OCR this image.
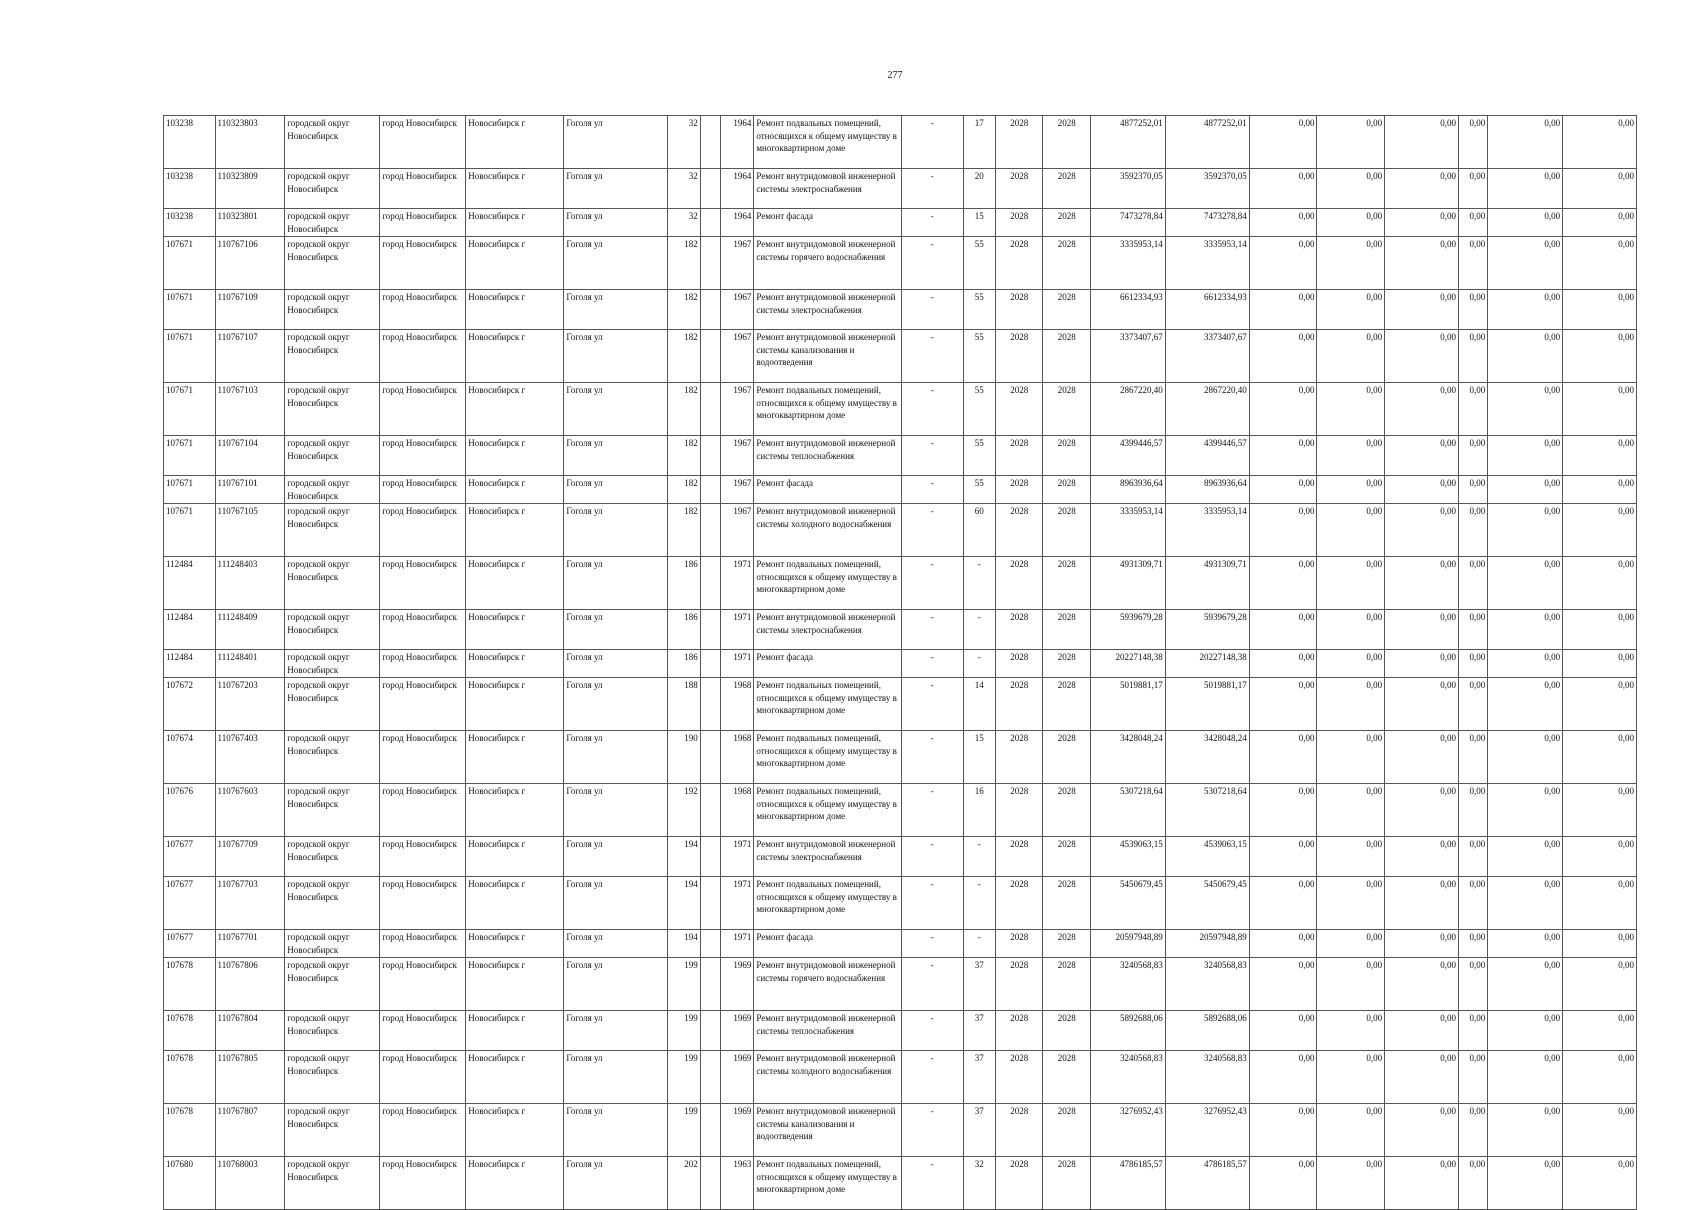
277
103238	110323803	городской округ Новосибирск	город Новосибирск	Новосибирск г	Гоголя ул	32		1964	Ремонт подвальных помещений, относящихся к общему имуществу в многоквартирном доме	-	17	2028	2028	4877252,01	4877252,01	0,00	0,00	0,00	0,00	0,00	0,00
103238	110323809	городской округ Новосибирск	город Новосибирск	Новосибирск г	Гоголя ул	32		1964	Ремонт внутридомовой инженерной системы электроснабжения	-	20	2028	2028	3592370,05	3592370,05	0,00	0,00	0,00	0,00	0,00	0,00
103238	110323801	городской округ Новосибирск	город Новосибирск	Новосибирск г	Гоголя ул	32		1964	Ремонт фасада	-	15	2028	2028	7473278,84	7473278,84	0,00	0,00	0,00	0,00	0,00	0,00
107671	110767106	городской округ Новосибирск	город Новосибирск	Новосибирск г	Гоголя ул	182		1967	Ремонт внутридомовой инженерной системы горячего водоснабжения	-	55	2028	2028	3335953,14	3335953,14	0,00	0,00	0,00	0,00	0,00	0,00
107671	110767109	городской округ Новосибирск	город Новосибирск	Новосибирск г	Гоголя ул	182		1967	Ремонт внутридомовой инженерной системы электроснабжения	-	55	2028	2028	6612334,93	6612334,93	0,00	0,00	0,00	0,00	0,00	0,00
107671	110767107	городской округ Новосибирск	город Новосибирск	Новосибирск г	Гоголя ул	182		1967	Ремонт внутридомовой инженерной системы канализования и водоотведения	-	55	2028	2028	3373407,67	3373407,67	0,00	0,00	0,00	0,00	0,00	0,00
107671	110767103	городской округ Новосибирск	город Новосибирск	Новосибирск г	Гоголя ул	182		1967	Ремонт подвальных помещений, относящихся к общему имуществу в многоквартирном доме	-	55	2028	2028	2867220,40	2867220,40	0,00	0,00	0,00	0,00	0,00	0,00
107671	110767104	городской округ Новосибирск	город Новосибирск	Новосибирск г	Гоголя ул	182		1967	Ремонт внутридомовой инженерной системы теплоснабжения	-	55	2028	2028	4399446,57	4399446,57	0,00	0,00	0,00	0,00	0,00	0,00
107671	110767101	городской округ Новосибирск	город Новосибирск	Новосибирск г	Гоголя ул	182		1967	Ремонт фасада	-	55	2028	2028	8963936,64	8963936,64	0,00	0,00	0,00	0,00	0,00	0,00
107671	110767105	городской округ Новосибирск	город Новосибирск	Новосибирск г	Гоголя ул	182		1967	Ремонт внутридомовой инженерной системы холодного водоснабжения	-	60	2028	2028	3335953,14	3335953,14	0,00	0,00	0,00	0,00	0,00	0,00
112484	111248403	городской округ Новосибирск	город Новосибирск	Новосибирск г	Гоголя ул	186		1971	Ремонт подвальных помещений, относящихся к общему имуществу в многоквартирном доме	-	-	2028	2028	4931309,71	4931309,71	0,00	0,00	0,00	0,00	0,00	0,00
112484	111248409	городской округ Новосибирск	город Новосибирск	Новосибирск г	Гоголя ул	186		1971	Ремонт внутридомовой инженерной системы электроснабжения	-	-	2028	2028	5939679,28	5939679,28	0,00	0,00	0,00	0,00	0,00	0,00
112484	111248401	городской округ Новосибирск	город Новосибирск	Новосибирск г	Гоголя ул	186		1971	Ремонт фасада	-	-	2028	2028	20227148,38	20227148,38	0,00	0,00	0,00	0,00	0,00	0,00
107672	110767203	городской округ Новосибирск	город Новосибирск	Новосибирск г	Гоголя ул	188		1968	Ремонт подвальных помещений, относящихся к общему имуществу в многоквартирном доме	-	14	2028	2028	5019881,17	5019881,17	0,00	0,00	0,00	0,00	0,00	0,00
107674	110767403	городской округ Новосибирск	город Новосибирск	Новосибирск г	Гоголя ул	190		1968	Ремонт подвальных помещений, относящихся к общему имуществу в многоквартирном доме	-	15	2028	2028	3428048,24	3428048,24	0,00	0,00	0,00	0,00	0,00	0,00
107676	110767603	городской округ Новосибирск	город Новосибирск	Новосибирск г	Гоголя ул	192		1968	Ремонт подвальных помещений, относящихся к общему имуществу в многоквартирном доме	-	16	2028	2028	5307218,64	5307218,64	0,00	0,00	0,00	0,00	0,00	0,00
107677	110767709	городской округ Новосибирск	город Новосибирск	Новосибирск г	Гоголя ул	194		1971	Ремонт внутридомовой инженерной системы электроснабжения	-	-	2028	2028	4539063,15	4539063,15	0,00	0,00	0,00	0,00	0,00	0,00
107677	110767703	городской округ Новосибирск	город Новосибирск	Новосибирск г	Гоголя ул	194		1971	Ремонт подвальных помещений, относящихся к общему имуществу в многоквартирном доме	-	-	2028	2028	5450679,45	5450679,45	0,00	0,00	0,00	0,00	0,00	0,00
107677	110767701	городской округ Новосибирск	город Новосибирск	Новосибирск г	Гоголя ул	194		1971	Ремонт фасада	-	-	2028	2028	20597948,89	20597948,89	0,00	0,00	0,00	0,00	0,00	0,00
107678	110767806	городской округ Новосибирск	город Новосибирск	Новосибирск г	Гоголя ул	199		1969	Ремонт внутридомовой инженерной системы горячего водоснабжения	-	37	2028	2028	3240568,83	3240568,83	0,00	0,00	0,00	0,00	0,00	0,00
107678	110767804	городской округ Новосибирск	город Новосибирск	Новосибирск г	Гоголя ул	199		1969	Ремонт внутридомовой инженерной системы теплоснабжения	-	37	2028	2028	5892688,06	5892688,06	0,00	0,00	0,00	0,00	0,00	0,00
107678	110767805	городской округ Новосибирск	город Новосибирск	Новосибирск г	Гоголя ул	199		1969	Ремонт внутридомовой инженерной системы холодного водоснабжения	-	37	2028	2028	3240568,83	3240568,83	0,00	0,00	0,00	0,00	0,00	0,00
107678	110767807	городской округ Новосибирск	город Новосибирск	Новосибирск г	Гоголя ул	199		1969	Ремонт внутридомовой инженерной системы канализования и водоотведения	-	37	2028	2028	3276952,43	3276952,43	0,00	0,00	0,00	0,00	0,00	0,00
107680	110768003	городской округ Новосибирск	город Новосибирск	Новосибирск г	Гоголя ул	202		1963	Ремонт подвальных помещений, относящихся к общему имуществу в многоквартирном доме	-	32	2028	2028	4786185,57	4786185,57	0,00	0,00	0,00	0,00	0,00	0,00
